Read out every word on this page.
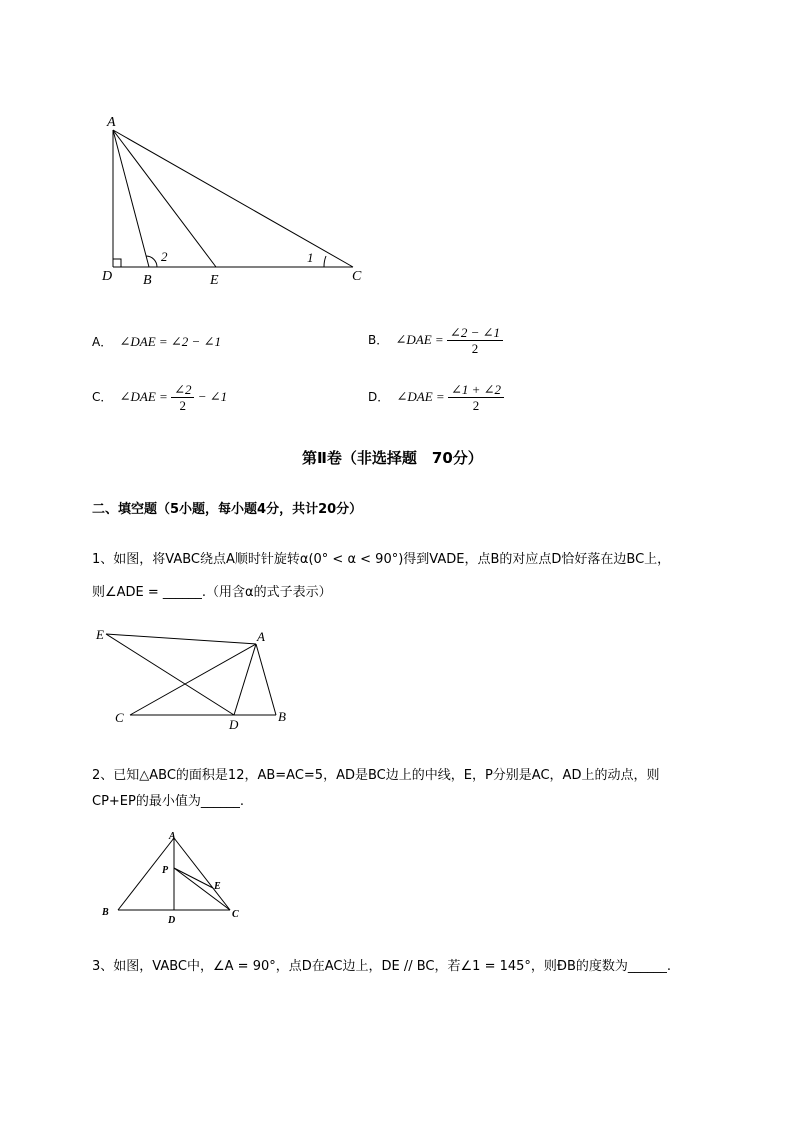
A
D B	E	C
1
2
A． ∠DAE = ∠2 − ∠1	B． ∠DAE = $\frac{\angle 2 - \angle 1}{2}$
C． ∠DAE = $\frac{\angle 2}{2}$ − ∠1	D． ∠DAE = $\frac{\angle 1 + \angle 2}{2}$
第Ⅱ卷（非选择题　70分）
二、填空题（5小题，每小题4分，共计20分）
1、如图，将VABC绕点A顺时针旋转α(0° < α < 90°)得到VADE，点B的对应点D恰好落在边BC上，
则∠ADE = ______.（用含α的式子表示）
E	A
C	D
B
2、已知△ABC的面积是12，AB=AC=5，AD是BC边上的中线，E，P分别是AC，AD上的动点，则
CP+EP的最小值为______.
A
P
E
B
D
C
3、如图，VABC中，∠A = 90°，点D在AC边上，DE // BC，若∠1 = 145°，则ÐB的度数为______.
